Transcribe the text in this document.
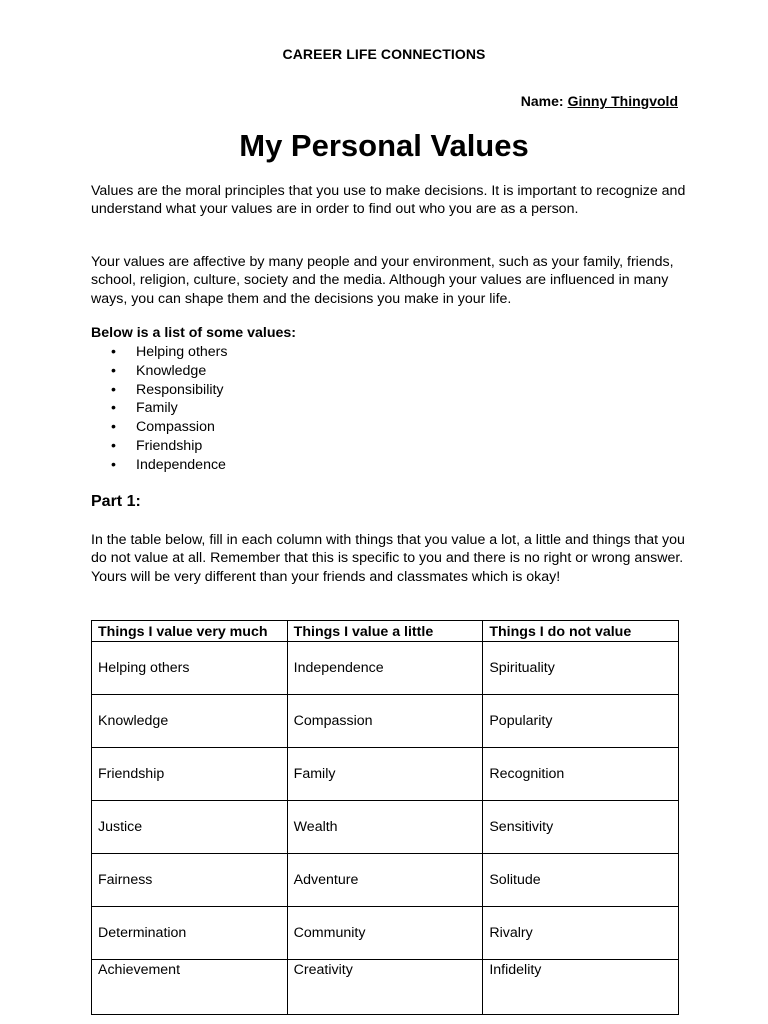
CAREER LIFE CONNECTIONS
Name: Ginny Thingvold
My Personal Values

Values are the moral principles that you use to make decisions. It is important to recognize and understand what your values are in order to find out who you are as a person.

Your values are affective by many people and your environment, such as your family, friends, school, religion, culture, society and the media. Although your values are influenced in many ways, you can shape them and the decisions you make in your life.

Below is a list of some values:
• Helping others
• Knowledge
• Responsibility
• Family
• Compassion
• Friendship
• Independence
Part 1:

In the table below, fill in each column with things that you value a lot, a little and things that you do not value at all. Remember that this is specific to you and there is no right or wrong answer. Yours will be very different than your friends and classmates which is okay!

Things I value very much	Things I value a little	Things I do not value
Helping others	Independence	Spirituality
Knowledge	Compassion	Popularity
Friendship	Family	Recognition
Justice	Wealth	Sensitivity
Fairness	Adventure	Solitude
Determination	Community	Rivalry
Achievement	Creativity	Infidelity
